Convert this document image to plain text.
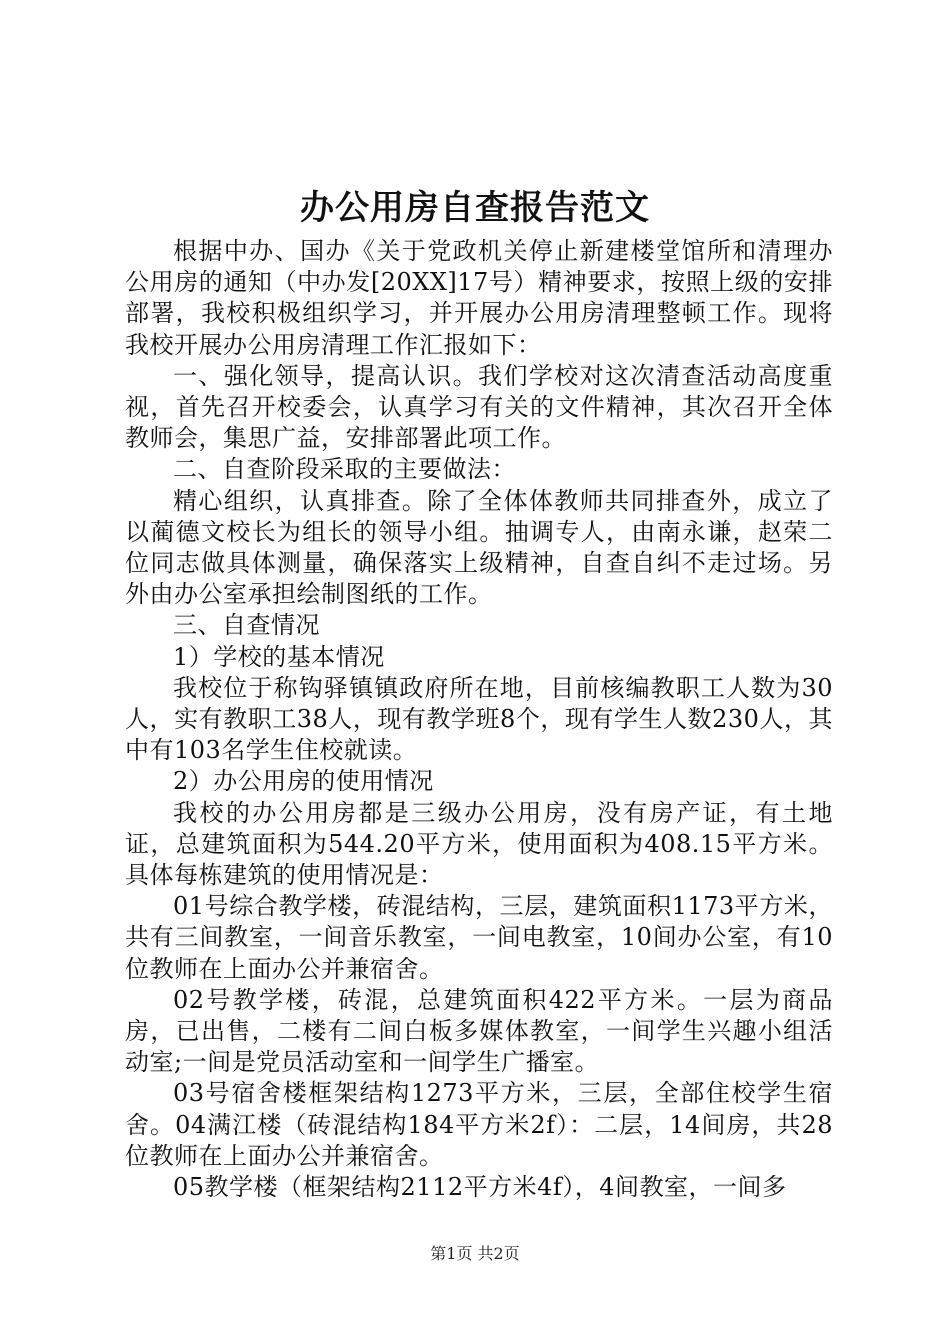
办公用房自查报告范文

根据中办、国办《关于党政机关停止新建楼堂馆所和清理办公用房的通知（中办发[20XX]17号）精神要求，按照上级的安排部署，我校积极组织学习，并开展办公用房清理整顿工作。现将我校开展办公用房清理工作汇报如下：

一、强化领导，提高认识。我们学校对这次清查活动高度重视，首先召开校委会，认真学习有关的文件精神，其次召开全体教师会，集思广益，安排部署此项工作。

二、自查阶段采取的主要做法：

精心组织，认真排查。除了全体体教师共同排查外，成立了以蔺德文校长为组长的领导小组。抽调专人，由南永谦，赵荣二位同志做具体测量，确保落实上级精神，自查自纠不走过场。另外由办公室承担绘制图纸的工作。

三、自查情况

1）学校的基本情况

我校位于称钩驿镇镇政府所在地，目前核编教职工人数为30人，实有教职工38人，现有教学班8个，现有学生人数230人，其中有103名学生住校就读。

2）办公用房的使用情况

我校的办公用房都是三级办公用房，没有房产证，有土地证，总建筑面积为544.20平方米，使用面积为408.15平方米。具体每栋建筑的使用情况是：

01号综合教学楼，砖混结构，三层，建筑面积1173平方米，共有三间教室，一间音乐教室，一间电教室，10间办公室，有10位教师在上面办公并兼宿舍。

02号教学楼，砖混，总建筑面积422平方米。一层为商品房，已出售，二楼有二间白板多媒体教室，一间学生兴趣小组活动室;一间是党员活动室和一间学生广播室。

03号宿舍楼框架结构1273平方米，三层，全部住校学生宿舍。04满江楼（砖混结构184平方米2f）：二层，14间房，共28位教师在上面办公并兼宿舍。

05教学楼（框架结构2112平方米4f），4间教室，一间多

第1页 共2页
